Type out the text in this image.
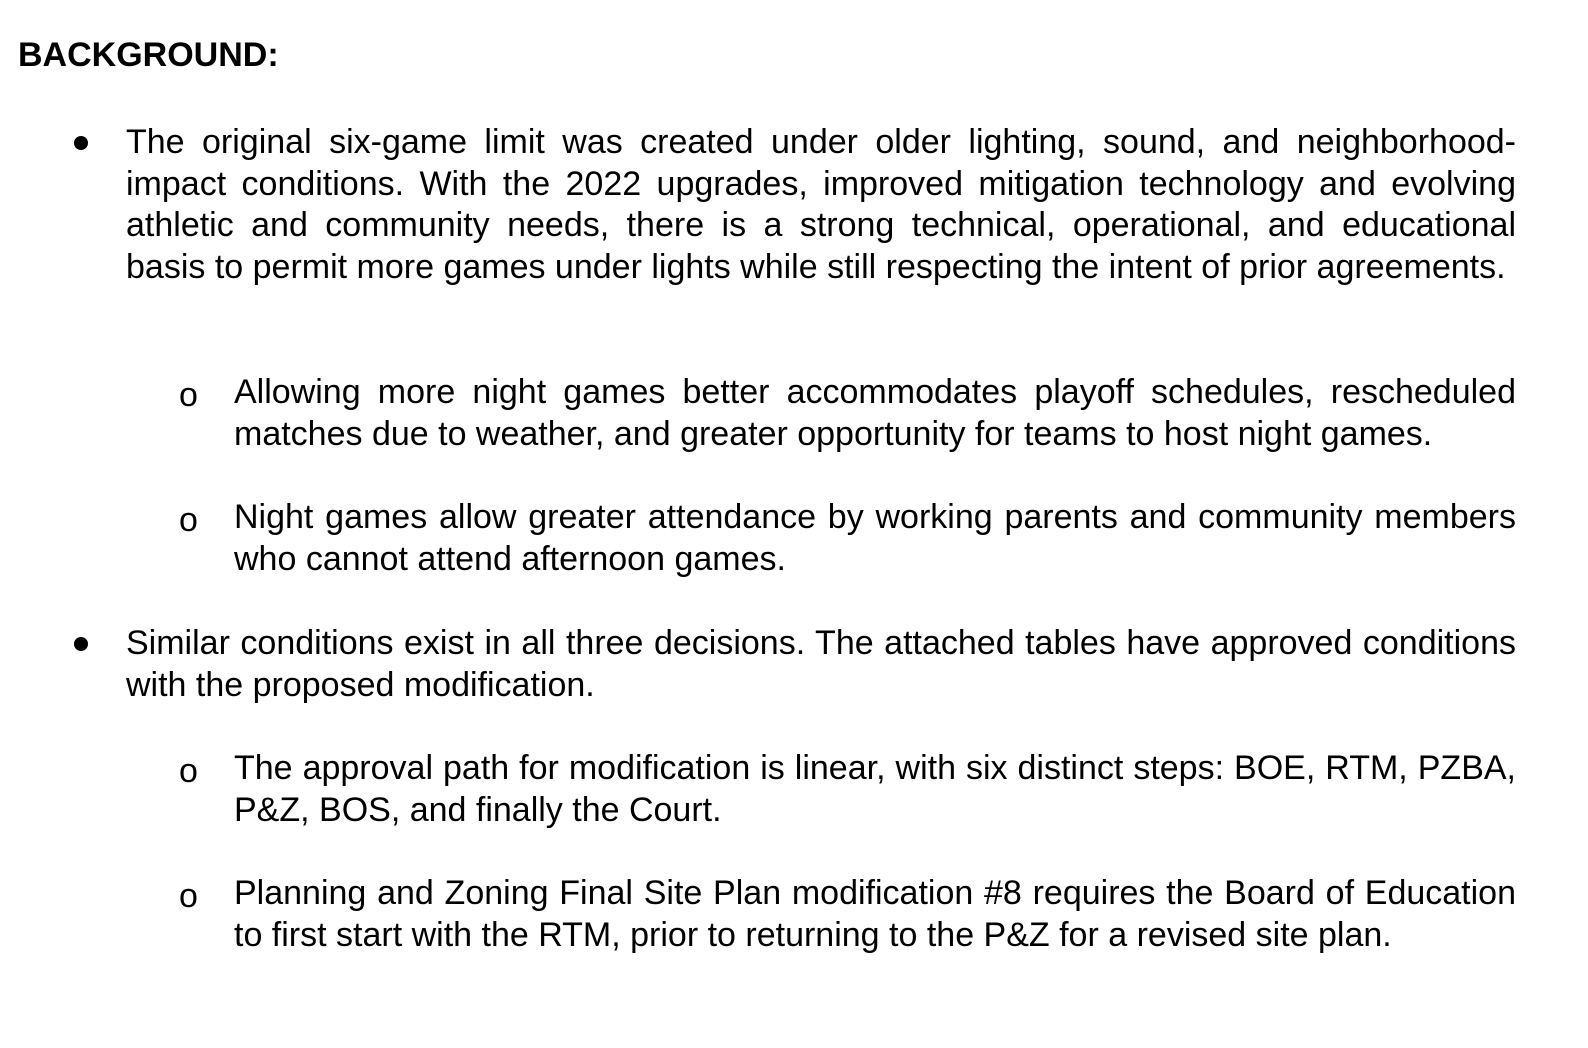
BACKGROUND:
The original six-game limit was created under older lighting, sound, and neighborhood-impact conditions. With the 2022 upgrades, improved mitigation technology and evolving athletic and community needs, there is a strong technical, operational, and educational basis to permit more games under lights while still respecting the intent of prior agreements.
o Allowing more night games better accommodates playoff schedules, rescheduled matches due to weather, and greater opportunity for teams to host night games.
o Night games allow greater attendance by working parents and community members who cannot attend afternoon games.
Similar conditions exist in all three decisions. The attached tables have approved conditions with the proposed modification.
o The approval path for modification is linear, with six distinct steps: BOE, RTM, PZBA, P&Z, BOS, and finally the Court.
o Planning and Zoning Final Site Plan modification #8 requires the Board of Education to first start with the RTM, prior to returning to the P&Z for a revised site plan.
